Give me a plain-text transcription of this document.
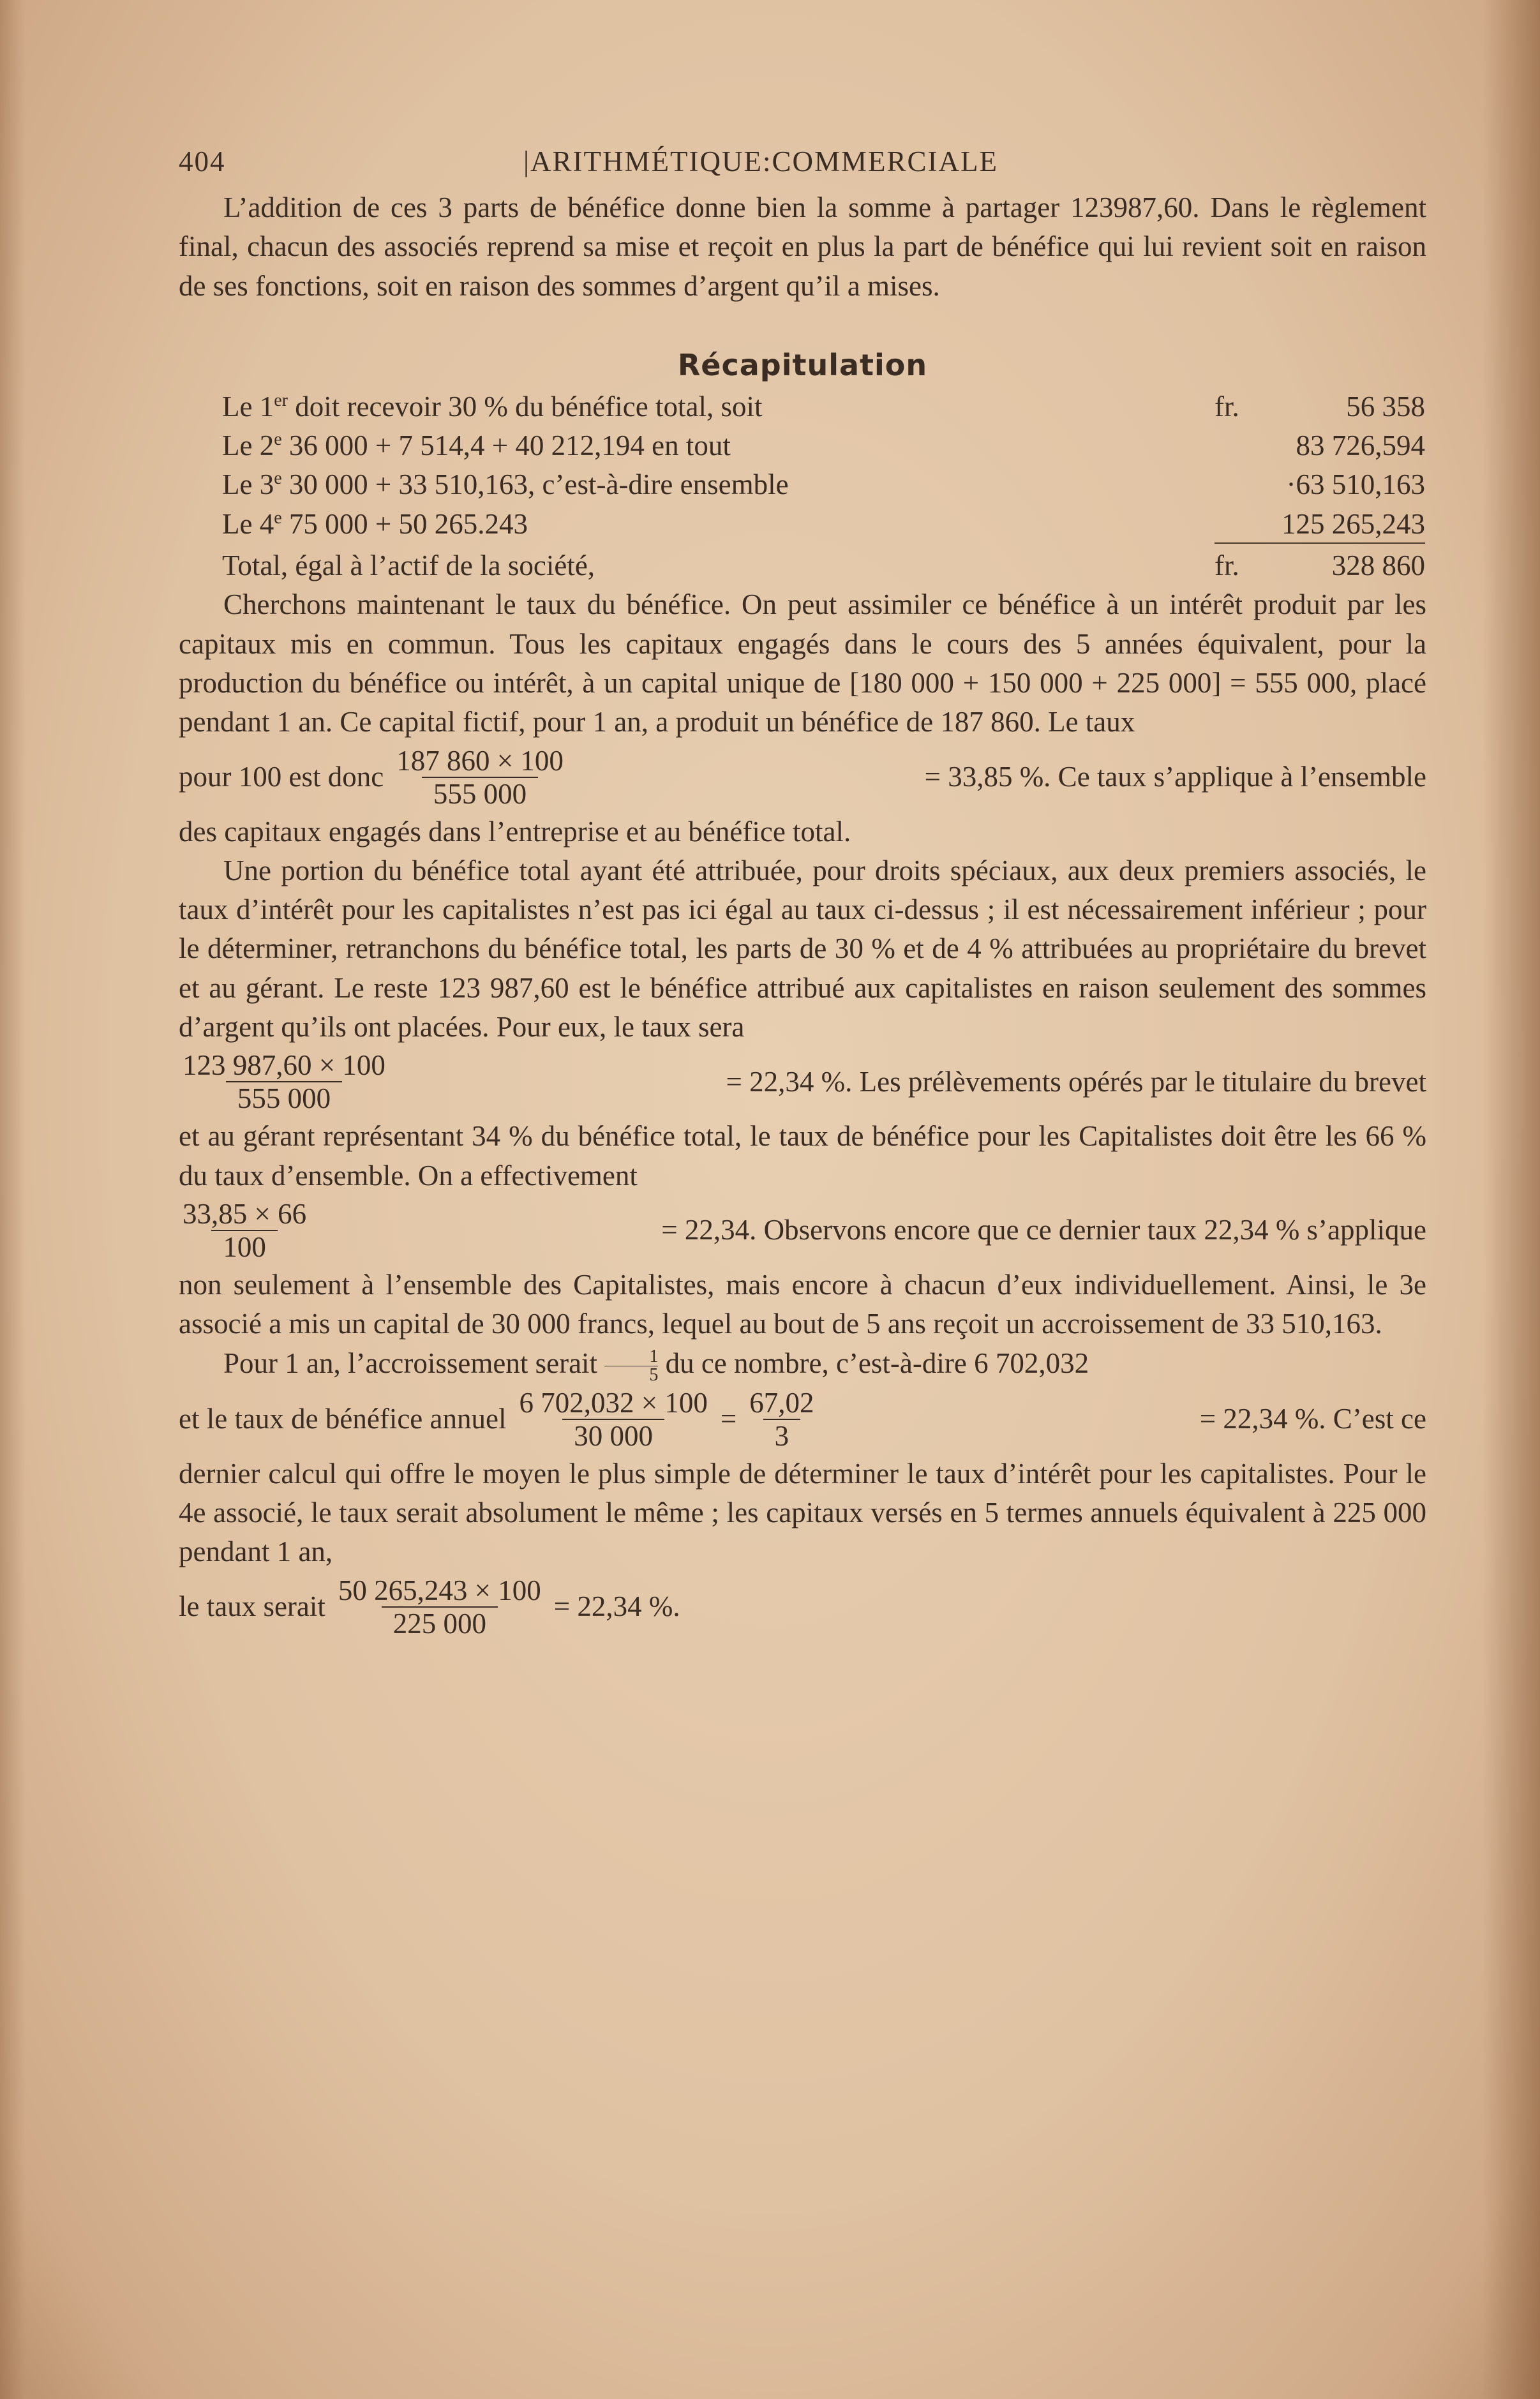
404	|ARITHMÉTIQUE:COMMERCIALE

L’addition de ces 3 parts de bénéfice donne bien la somme à partager 123987,60. Dans le règlement final, chacun des associés reprend sa mise et reçoit en plus la part de bénéfice qui lui revient soit en raison de ses fonctions, soit en raison des sommes d’argent qu’il a mises.

Récapitulation
Le 1er doit recevoir 30 % du bénéfice total, soit	fr.	56 358
Le 2e 36 000 + 7 514,4 + 40 212,194 en tout	83 726,594
Le 3e 30 000 + 33 510,163, c’est-à-dire ensemble	·63 510,163
Le 4e 75 000 + 50 265.243	125 265,243
Total, égal à l’actif de la société,	fr.	328 860

Cherchons maintenant le taux du bénéfice. On peut assimiler ce bénéfice à un intérêt produit par les capitaux mis en commun. Tous les capitaux engagés dans le cours des 5 années équivalent, pour la production du bénéfice ou intérêt, à un capital unique de [180 000 + 150 000 + 225 000] = 555 000, placé pendant 1 an. Ce capital fictif, pour 1 an, a produit un bénéfice de 187 860. Le taux

pour 100 est donc $\frac{187 860 \times 100}{555 000}$	= 33,85 %. Ce taux s’applique à l’ensemble

des capitaux engagés dans l’entreprise et au bénéfice total.

Une portion du bénéfice total ayant été attribuée, pour droits spéciaux, aux deux premiers associés, le taux d’intérêt pour les capitalistes n’est pas ici égal au taux ci-dessus ; il est nécessairement inférieur ; pour le déterminer, retranchons du bénéfice total, les parts de 30 % et de 4 % attribuées au propriétaire du brevet et au gérant. Le reste 123 987,60 est le bénéfice attribué aux capitalistes en raison seulement des sommes d’argent qu’ils ont placées. Pour eux, le taux sera

$\frac{123 987,60 \times 100}{555 000}$	= 22,34 %. Les prélèvements opérés par le titulaire du brevet

et au gérant représentant 34 % du bénéfice total, le taux de bénéfice pour les Capitalistes doit être les 66 % du taux d’ensemble. On a effectivement

$\frac{33,85 \times 66}{100}$	= 22,34. Observons encore que ce dernier taux 22,34 % s’applique

non seulement à l’ensemble des Capitalistes, mais encore à chacun d’eux individuellement. Ainsi, le 3e associé a mis un capital de 30 000 francs, lequel au bout de 5 ans reçoit un accroissement de 33 510,163.

Pour 1 an, l’accroissement serait $\frac{1}{5}$ du ce nombre, c’est-à-dire 6 702,032

et le taux de bénéfice annuel $\frac{6 702,032 \times 100}{30 000} = \frac{67,02}{3}$	= 22,34 %. C’est ce

dernier calcul qui offre le moyen le plus simple de déterminer le taux d’intérêt pour les capitalistes. Pour le 4e associé, le taux serait absolument le même ; les capitaux versés en 5 termes annuels équivalent à 225 000 pendant 1 an,

le taux serait $\frac{50 265,243 \times 100}{225 000} = 22,34$ %.
